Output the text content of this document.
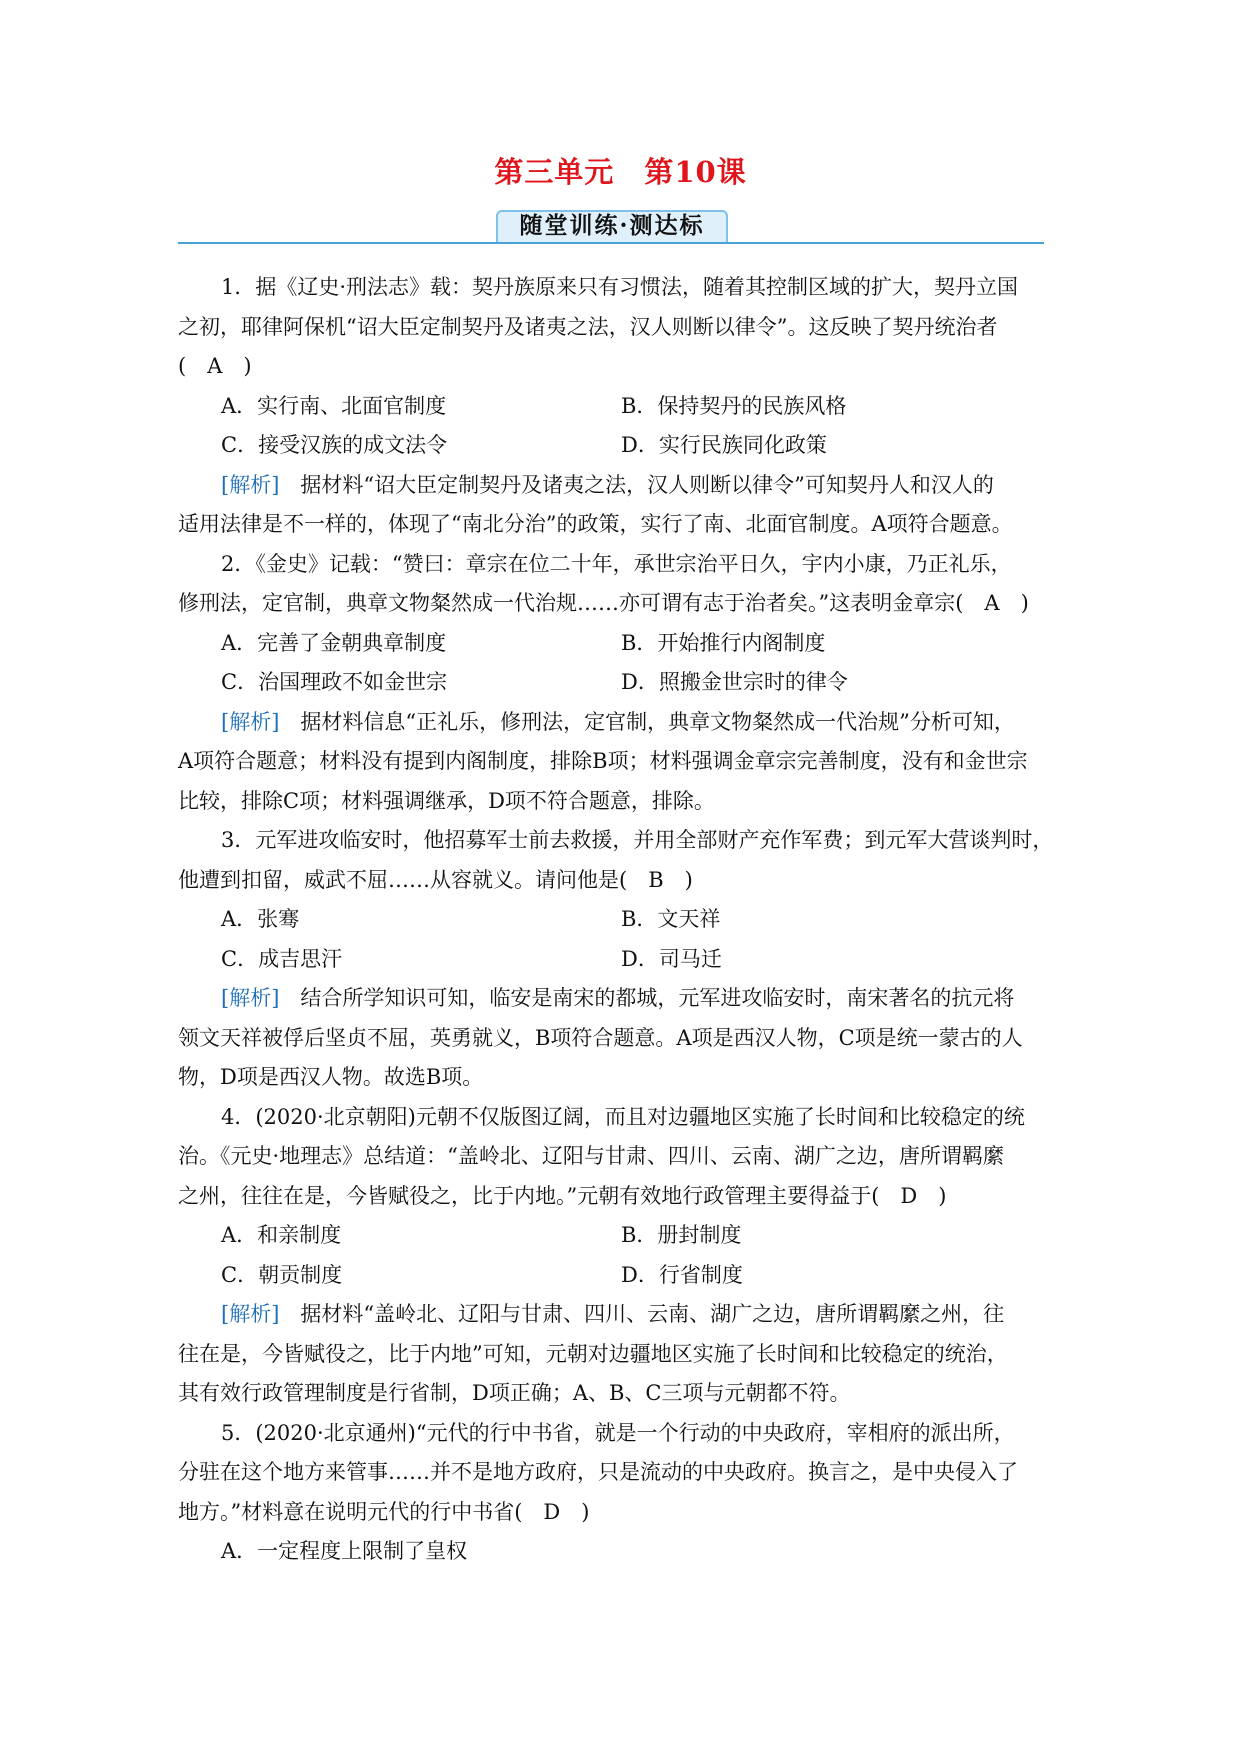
第三单元　第10课
随堂训练·测达标
1．据《辽史·刑法志》载：契丹族原来只有习惯法，随着其控制区域的扩大，契丹立国
之初，耶律阿保机“诏大臣定制契丹及诸夷之法，汉人则断以律令”。这反映了契丹统治者
(　A　)
A．实行南、北面官制度	B．保持契丹的民族风格
C．接受汉族的成文法令	D．实行民族同化政策
[解析]　据材料“诏大臣定制契丹及诸夷之法，汉人则断以律令”可知契丹人和汉人的
适用法律是不一样的，体现了“南北分治”的政策，实行了南、北面官制度。A项符合题意。
2．《金史》记载：“赞曰：章宗在位二十年，承世宗治平日久，宇内小康，乃正礼乐，
修刑法，定官制，典章文物粲然成一代治规……亦可谓有志于治者矣。”这表明金章宗(　A　)
A．完善了金朝典章制度	B．开始推行内阁制度
C．治国理政不如金世宗	D．照搬金世宗时的律令
[解析]　据材料信息“正礼乐，修刑法，定官制，典章文物粲然成一代治规”分析可知，
A项符合题意；材料没有提到内阁制度，排除B项；材料强调金章宗完善制度，没有和金世宗
比较，排除C项；材料强调继承，D项不符合题意，排除。
3．元军进攻临安时，他招募军士前去救援，并用全部财产充作军费；到元军大营谈判时，
他遭到扣留，威武不屈……从容就义。请问他是(　B　)
A．张骞	B．文天祥
C．成吉思汗	D．司马迁
[解析]　结合所学知识可知，临安是南宋的都城，元军进攻临安时，南宋著名的抗元将
领文天祥被俘后坚贞不屈，英勇就义，B项符合题意。A项是西汉人物，C项是统一蒙古的人
物，D项是西汉人物。故选B项。
4．(2020·北京朝阳)元朝不仅版图辽阔，而且对边疆地区实施了长时间和比较稳定的统
治。《元史·地理志》总结道：“盖岭北、辽阳与甘肃、四川、云南、湖广之边，唐所谓羁縻
之州，往往在是，今皆赋役之，比于内地。”元朝有效地行政管理主要得益于(　D　)
A．和亲制度	B．册封制度
C．朝贡制度	D．行省制度
[解析]　据材料“盖岭北、辽阳与甘肃、四川、云南、湖广之边，唐所谓羁縻之州，往
往在是，今皆赋役之，比于内地”可知，元朝对边疆地区实施了长时间和比较稳定的统治，
其有效行政管理制度是行省制，D项正确；A、B、C三项与元朝都不符。
5．(2020·北京通州)“元代的行中书省，就是一个行动的中央政府，宰相府的派出所，
分驻在这个地方来管事……并不是地方政府，只是流动的中央政府。换言之，是中央侵入了
地方。”材料意在说明元代的行中书省(　D　)
A．一定程度上限制了皇权
